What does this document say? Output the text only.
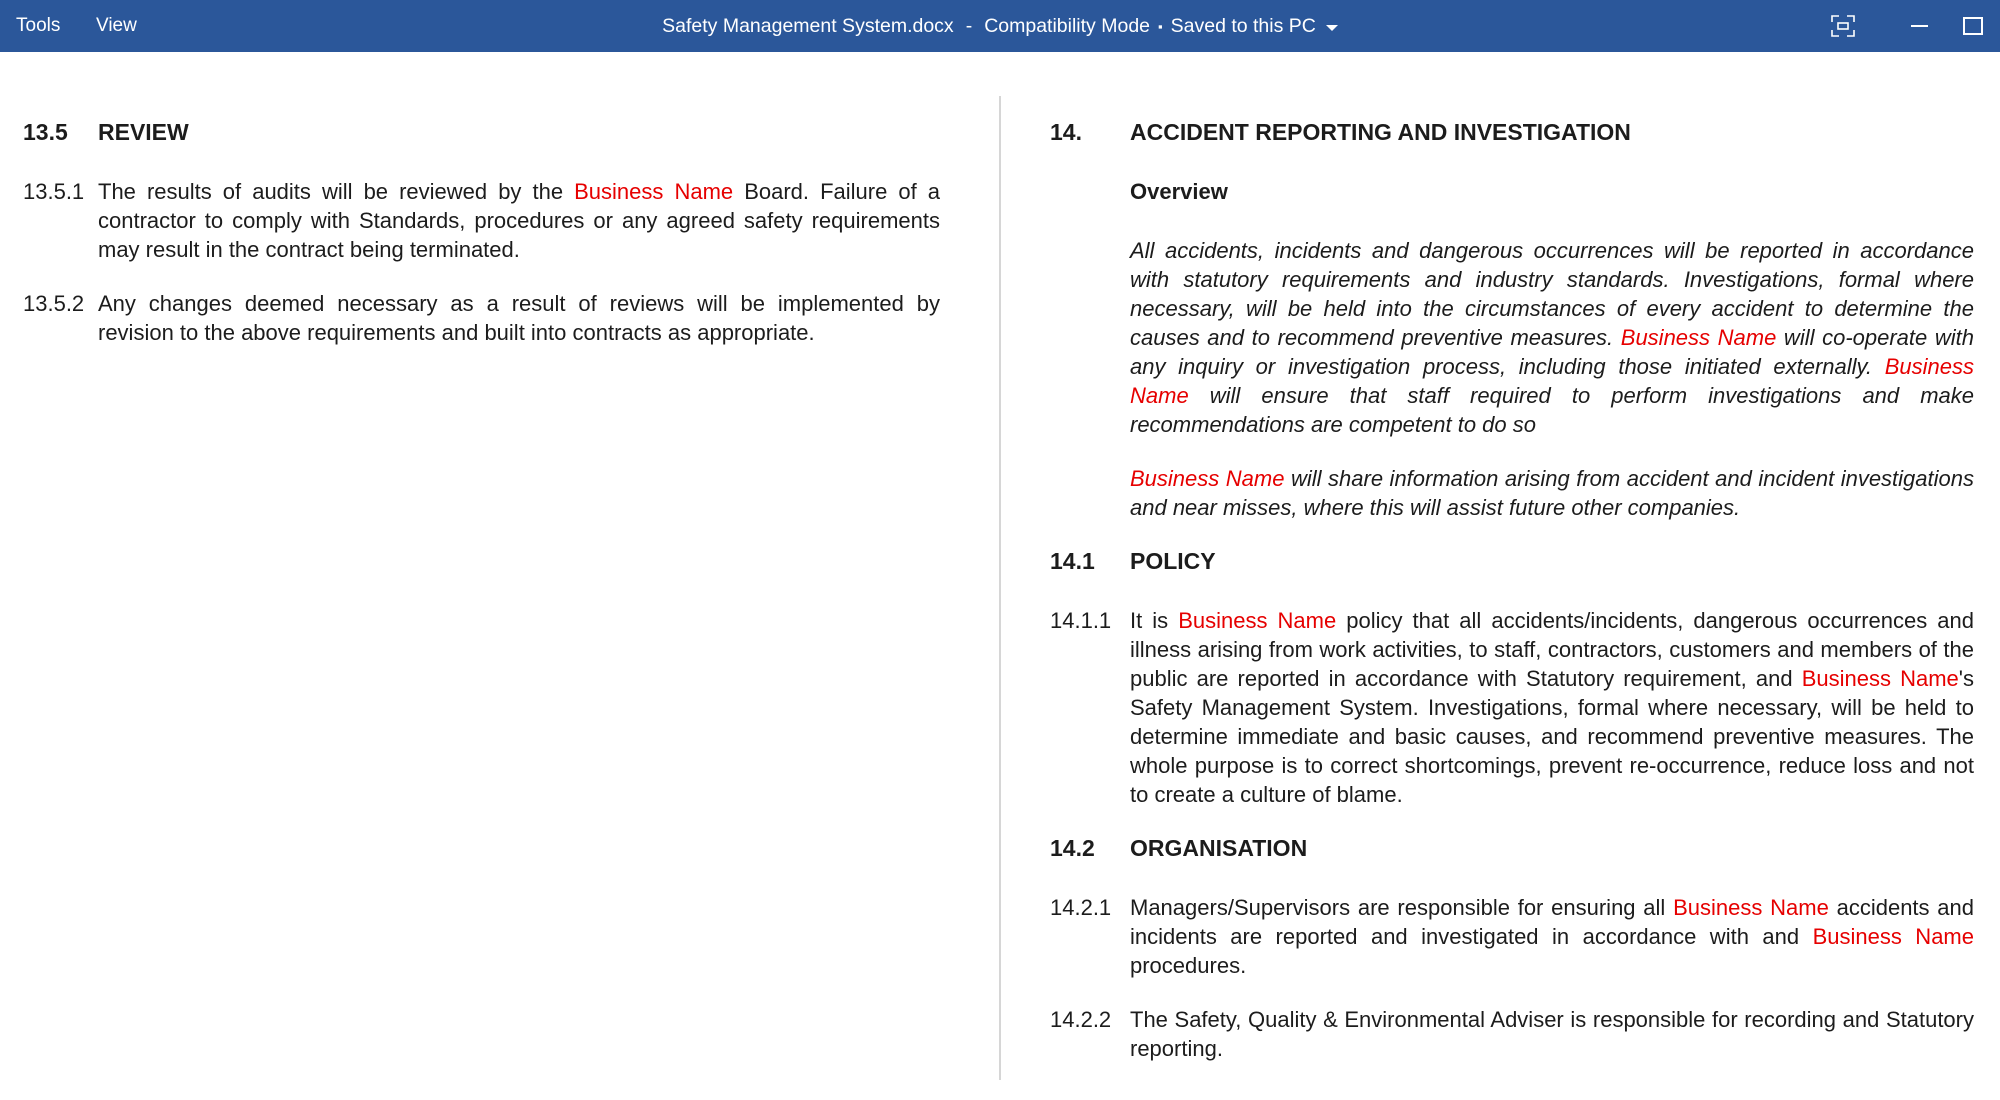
Tools	View	Safety Management System.docx - Compatibility Mode ▪ Saved to this PC
13.5 REVIEW
13.5.1 The results of audits will be reviewed by the Business Name Board. Failure of a contractor to comply with Standards, procedures or any agreed safety requirements may result in the contract being terminated.
13.5.2 Any changes deemed necessary as a result of reviews will be implemented by revision to the above requirements and built into contracts as appropriate.
14. ACCIDENT REPORTING AND INVESTIGATION
Overview
All accidents, incidents and dangerous occurrences will be reported in accordance with statutory requirements and industry standards. Investigations, formal where necessary, will be held into the circumstances of every accident to determine the causes and to recommend preventive measures. Business Name will co-operate with any inquiry or investigation process, including those initiated externally. Business Name will ensure that staff required to perform investigations and make recommendations are competent to do so
Business Name will share information arising from accident and incident investigations and near misses, where this will assist future other companies.
14.1 POLICY
14.1.1 It is Business Name policy that all accidents/incidents, dangerous occurrences and illness arising from work activities, to staff, contractors, customers and members of the public are reported in accordance with Statutory requirement, and Business Name's Safety Management System. Investigations, formal where necessary, will be held to determine immediate and basic causes, and recommend preventive measures. The whole purpose is to correct shortcomings, prevent re-occurrence, reduce loss and not to create a culture of blame.
14.2 ORGANISATION
14.2.1 Managers/Supervisors are responsible for ensuring all Business Name accidents and incidents are reported and investigated in accordance with and Business Name procedures.
14.2.2 The Safety, Quality & Environmental Adviser is responsible for recording and Statutory reporting.
